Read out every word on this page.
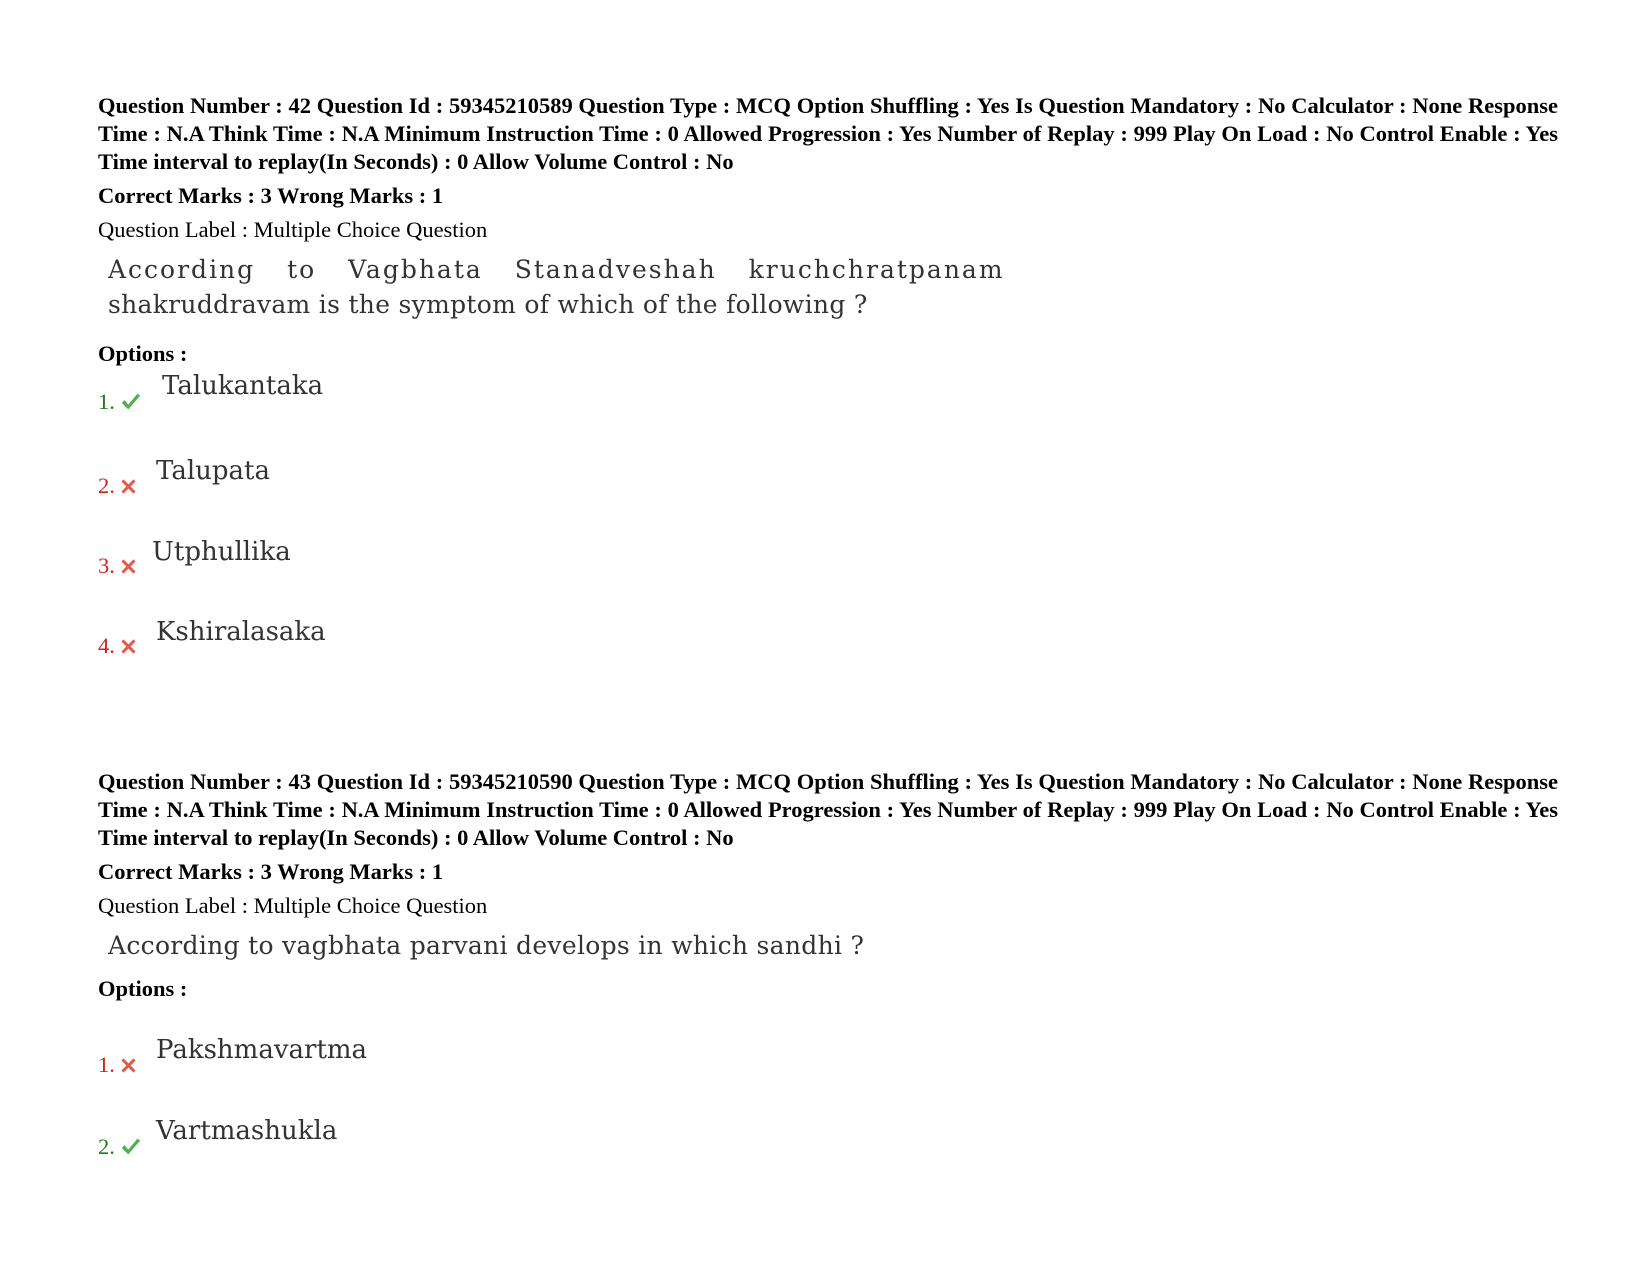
Question Number : 42 Question Id : 59345210589 Question Type : MCQ Option Shuffling : Yes Is Question Mandatory : No Calculator : None Response Time : N.A Think Time : N.A Minimum Instruction Time : 0 Allowed Progression : Yes Number of Replay : 999 Play On Load : No Control Enable : Yes Time interval to replay(In Seconds) : 0 Allow Volume Control : No

Correct Marks : 3 Wrong Marks : 1
Question Label : Multiple Choice Question
According to Vagbhata Stanadveshah kruchchratpanam
shakruddravam is the symptom of which of the following ?
Options :
1.
Talukantaka
2. Talupata
3. Utphullika
4. Kshiralasaka

Question Number : 43 Question Id : 59345210590 Question Type : MCQ Option Shuffling : Yes Is Question Mandatory : No Calculator : None Response Time : N.A Think Time : N.A Minimum Instruction Time : 0 Allowed Progression : Yes Number of Replay : 999 Play On Load : No Control Enable : Yes Time interval to replay(In Seconds) : 0 Allow Volume Control : No

Correct Marks : 3 Wrong Marks : 1
Question Label : Multiple Choice Question
According to vagbhata parvani develops in which sandhi ?
Options :
1. Pakshmavartma
2.
Vartmashukla
